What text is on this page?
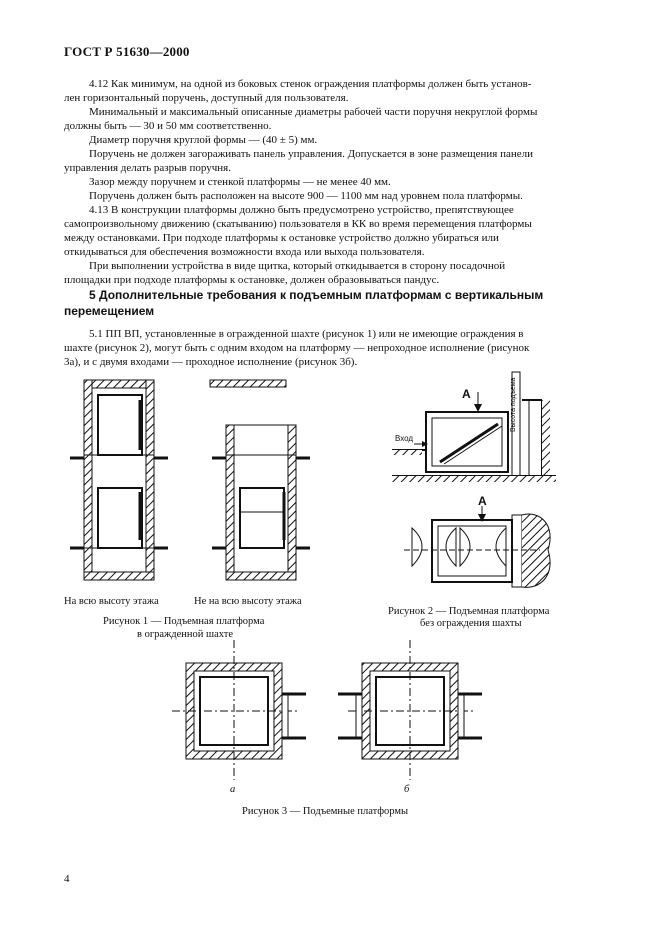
ГОСТ Р 51630—2000
4.12 Как минимум, на одной из боковых стенок ограждения платформы должен быть установ-
лен горизонтальный поручень, доступный для пользователя.
Минимальный и максимальный описанные диаметры рабочей части поручня некруглой формы
должны быть — 30 и 50 мм соответственно.
Диаметр поручня круглой формы — (40 ± 5) мм.
Поручень не должен загораживать панель управления. Допускается в зоне размещения панели
управления делать разрыв поручня.
Зазор между поручнем и стенкой платформы — не менее 40 мм.
Поручень должен быть расположен на высоте 900 — 1100 мм над уровнем пола платформы.
4.13 В конструкции платформы должно быть предусмотрено устройство, препятствующее
самопроизвольному движению (скатыванию) пользователя в КК во время перемещения платформы
между остановками. При подходе платформы к остановке устройство должно убираться или
откидываться для обеспечения возможности входа или выхода пользователя.
При выполнении устройства в виде щитка, который откидывается в сторону посадочной
площадки при подходе платформы к остановке, должен образовываться пандус.
5 Дополнительные требования к подъемным платформам с вертикальным
перемещением
5.1 ПП ВП, установленные в огражденной шахте (рисунок 1) или не имеющие ограждения в
шахте (рисунок 2), могут быть с одним входом на платформу — непроходное исполнение (рисунок
3а), и с двумя входами — проходное исполнение (рисунок 3б).
А
А
Вход
Высота подъема
На всю высоту этажа	Не на всю высоту этажа
Рисунок 1 — Подъемная платформа
в огражденной шахте
Рисунок 2 — Подъемная платформа
без ограждения шахты
а	б
Рисунок 3 — Подъемные платформы
4
